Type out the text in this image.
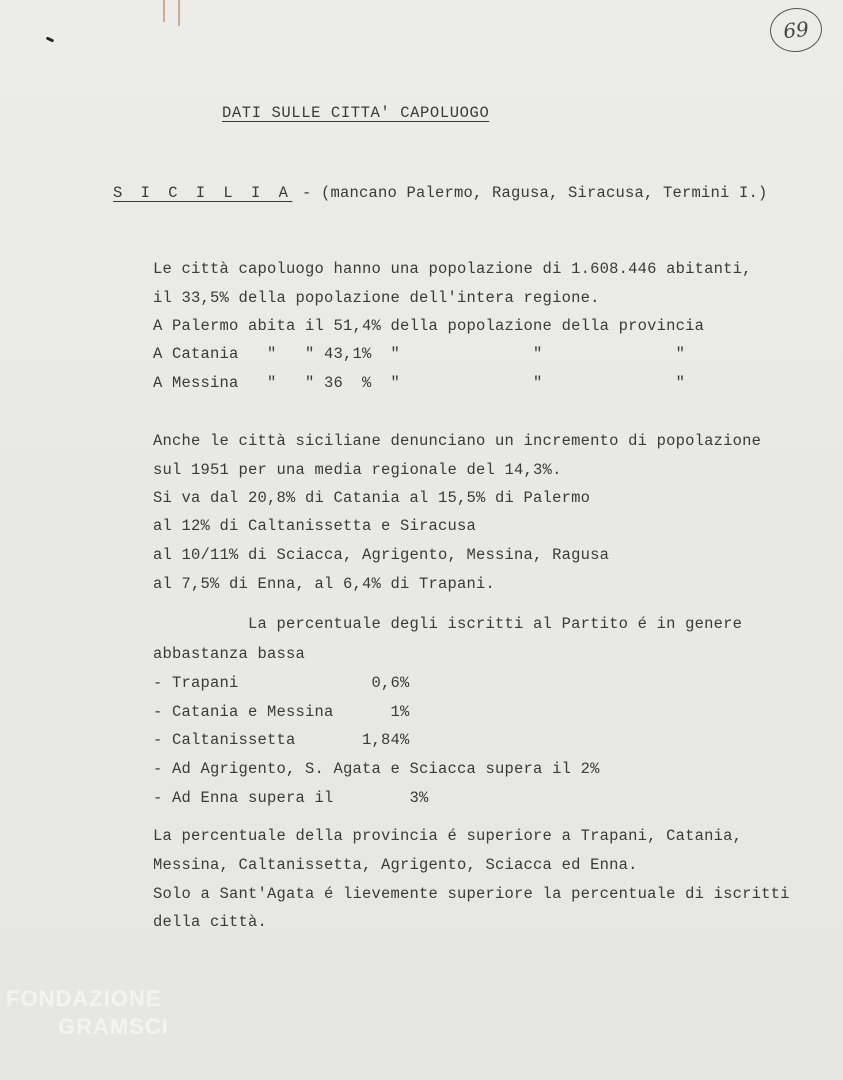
69
DATI SULLE CITTA' CAPOLUOGO
S I C I L I A - (mancano Palermo, Ragusa, Siracusa, Termini I.)
Le città capoluogo hanno una popolazione di 1.608.446 abitanti,
il 33,5% della popolazione dell'intera regione.
A Palermo abita il 51,4% della popolazione della provincia
A Catania   "   " 43,1%  "              "              "
A Messina   "   " 36  %  "              "              "
Anche le città siciliane denunciano un incremento di popolazione
sul 1951 per una media regionale del 14,3%.
Si va dal 20,8% di Catania al 15,5% di Palermo
al 12% di Caltanissetta e Siracusa
al 10/11% di Sciacca, Agrigento, Messina, Ragusa
al 7,5% di Enna, al 6,4% di Trapani.
La percentuale degli iscritti al Partito é in genere
abbastanza bassa
- Trapani              0,6%
- Catania e Messina      1%
- Caltanissetta       1,84%
- Ad Agrigento, S. Agata e Sciacca supera il 2%
- Ad Enna supera il        3%
La percentuale della provincia é superiore a Trapani, Catania,
Messina, Caltanissetta, Agrigento, Sciacca ed Enna.
Solo a Sant'Agata é lievemente superiore la percentuale di iscritti
della città.
FONDAZIONE
GRAMSCI
